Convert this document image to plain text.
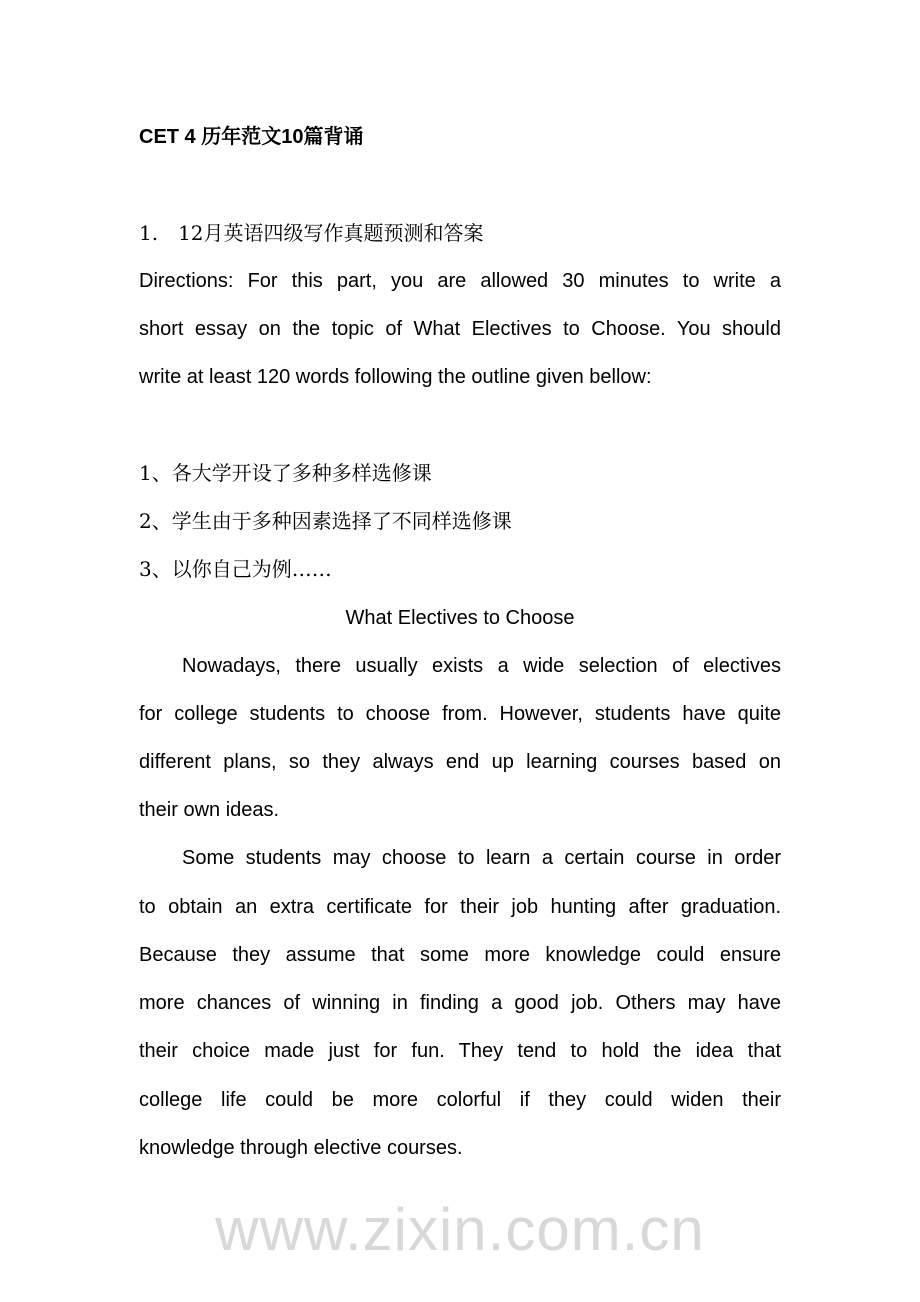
CET 4 历年范文10篇背诵
1.　12月英语四级写作真题预测和答案
Directions: For this part, you are allowed 30 minutes to write a
short essay on the topic of What Electives to Choose. You should
write at least 120 words following the outline given bellow:
1、各大学开设了多种多样选修课
2、学生由于多种因素选择了不同样选修课
3、以你自己为例……
What Electives to Choose
Nowadays, there usually exists a wide selection of electives
for college students to choose from. However, students have quite
different plans, so they always end up learning courses based on
their own ideas.
Some students may choose to learn a certain course in order
to obtain an extra certificate for their job hunting after graduation.
Because they assume that some more knowledge could ensure
more chances of winning in finding a good job. Others may have
their choice made just for fun. They tend to hold the idea that
college life could be more colorful if they could widen their
knowledge through elective courses.
www.zixin.com.cn
